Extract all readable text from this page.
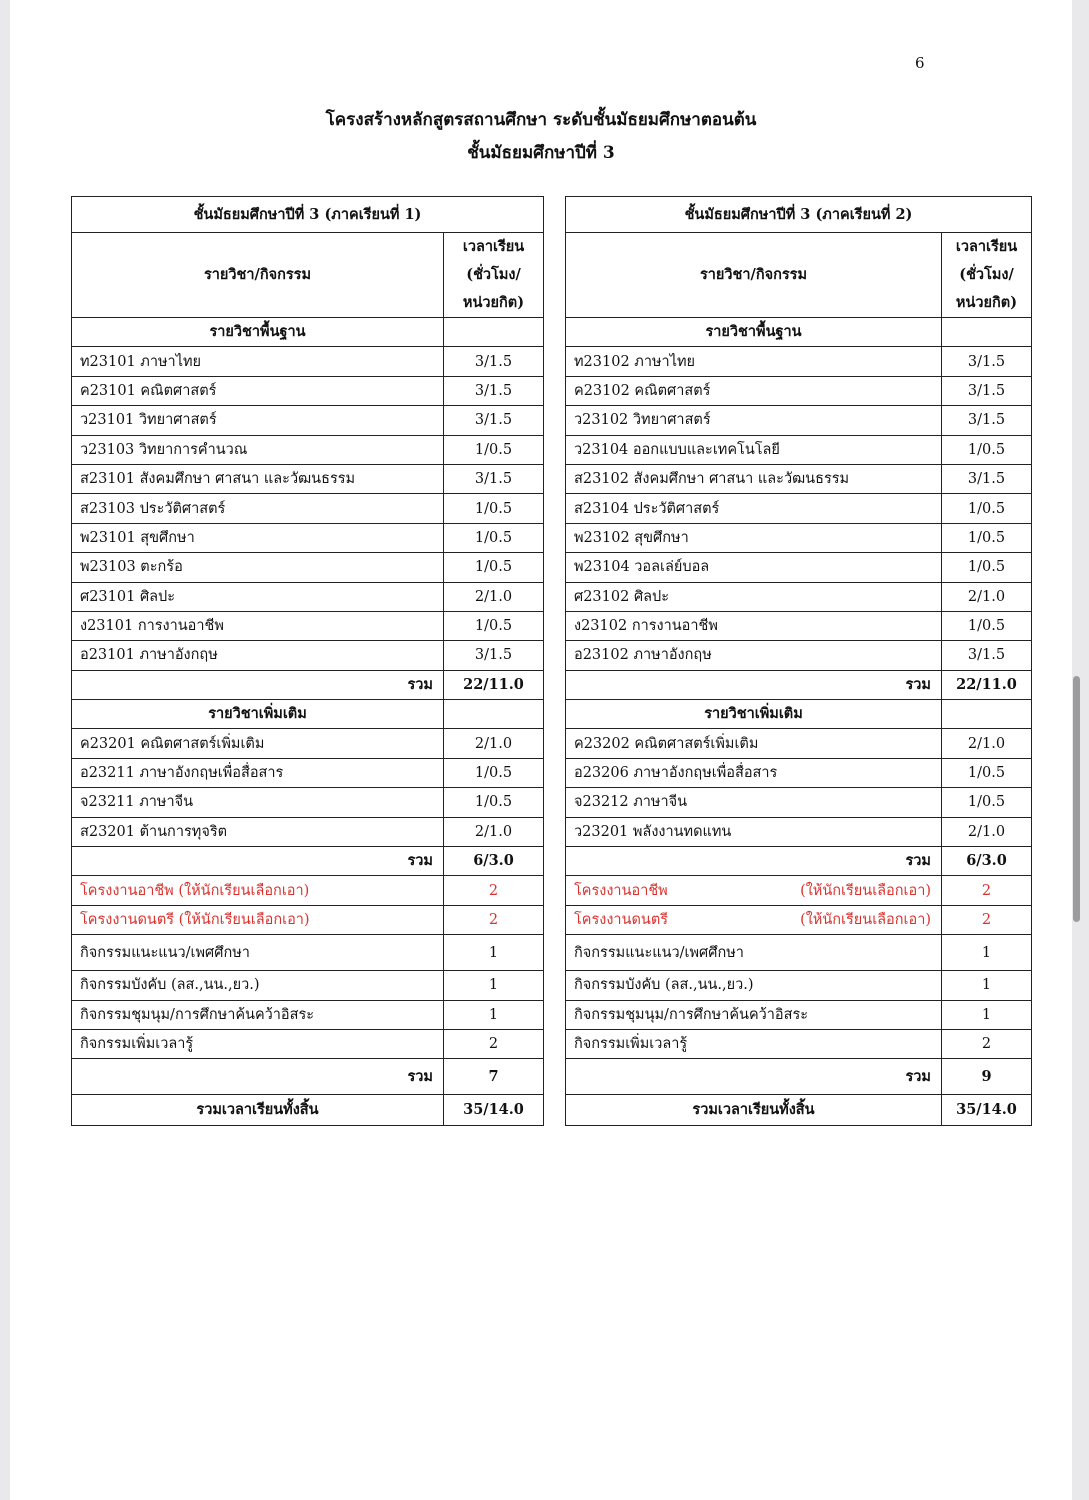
6
โครงสร้างหลักสูตรสถานศึกษา ระดับชั้นมัธยมศึกษาตอนต้น
ชั้นมัธยมศึกษาปีที่ 3
ชั้นมัธยมศึกษาปีที่ 3 (ภาคเรียนที่ 1)	
รายวิชา/กิจกรรม	เวลาเรียน
(ชั่วโมง/
หน่วยกิต)

รายวิชาพื้นฐาน	
ท23101 ภาษาไทย	3/1.5
ค23101 คณิตศาสตร์	3/1.5
ว23101 วิทยาศาสตร์	3/1.5
ว23103 วิทยาการคำนวณ	1/0.5
ส23101 สังคมศึกษา ศาสนา และวัฒนธรรม	3/1.5
ส23103 ประวัติศาสตร์	1/0.5
พ23101 สุขศึกษา	1/0.5
พ23103 ตะกร้อ	1/0.5
ศ23101 ศิลปะ	2/1.0
ง23101 การงานอาชีพ	1/0.5
อ23101 ภาษาอังกฤษ	3/1.5
รวม	22/11.0
รายวิชาเพิ่มเติม	
ค23201 คณิตศาสตร์เพิ่มเติม	2/1.0
อ23211 ภาษาอังกฤษเพื่อสื่อสาร	1/0.5
จ23211 ภาษาจีน	1/0.5
ส23201 ต้านการทุจริต	2/1.0
รวม	6/3.0
โครงงานอาชีพ (ให้นักเรียนเลือกเอา)	2
โครงงานดนตรี (ให้นักเรียนเลือกเอา)	2
กิจกรรมแนะแนว/เพศศึกษา	1
กิจกรรมบังคับ (ลส.,นน.,ยว.)	1
กิจกรรมชุมนุม/การศึกษาค้นคว้าอิสระ	1
กิจกรรมเพิ่มเวลารู้	2
รวม	7
รวมเวลาเรียนทั้งสิ้น	35/14.0
ชั้นมัธยมศึกษาปีที่ 3 (ภาคเรียนที่ 2)	
รายวิชา/กิจกรรม	เวลาเรียน
(ชั่วโมง/
หน่วยกิต)

รายวิชาพื้นฐาน	
ท23102 ภาษาไทย	3/1.5
ค23102 คณิตศาสตร์	3/1.5
ว23102 วิทยาศาสตร์	3/1.5
ว23104 ออกแบบและเทคโนโลยี	1/0.5
ส23102 สังคมศึกษา ศาสนา และวัฒนธรรม	3/1.5
ส23104 ประวัติศาสตร์	1/0.5
พ23102 สุขศึกษา	1/0.5
พ23104 วอลเล่ย์บอล	1/0.5
ศ23102 ศิลปะ	2/1.0
ง23102 การงานอาชีพ	1/0.5
อ23102 ภาษาอังกฤษ	3/1.5
รวม	22/11.0
รายวิชาเพิ่มเติม	
ค23202 คณิตศาสตร์เพิ่มเติม	2/1.0
อ23206 ภาษาอังกฤษเพื่อสื่อสาร	1/0.5
จ23212 ภาษาจีน	1/0.5
ว23201 พลังงานทดแทน	2/1.0
รวม	6/3.0
โครงงานอาชีพ (ให้นักเรียนเลือกเอา)	2
โครงงานดนตรี (ให้นักเรียนเลือกเอา)	2
กิจกรรมแนะแนว/เพศศึกษา	1
กิจกรรมบังคับ (ลส.,นน.,ยว.)	1
กิจกรรมชุมนุม/การศึกษาค้นคว้าอิสระ	1
กิจกรรมเพิ่มเวลารู้	2
รวม	9
รวมเวลาเรียนทั้งสิ้น	35/14.0
